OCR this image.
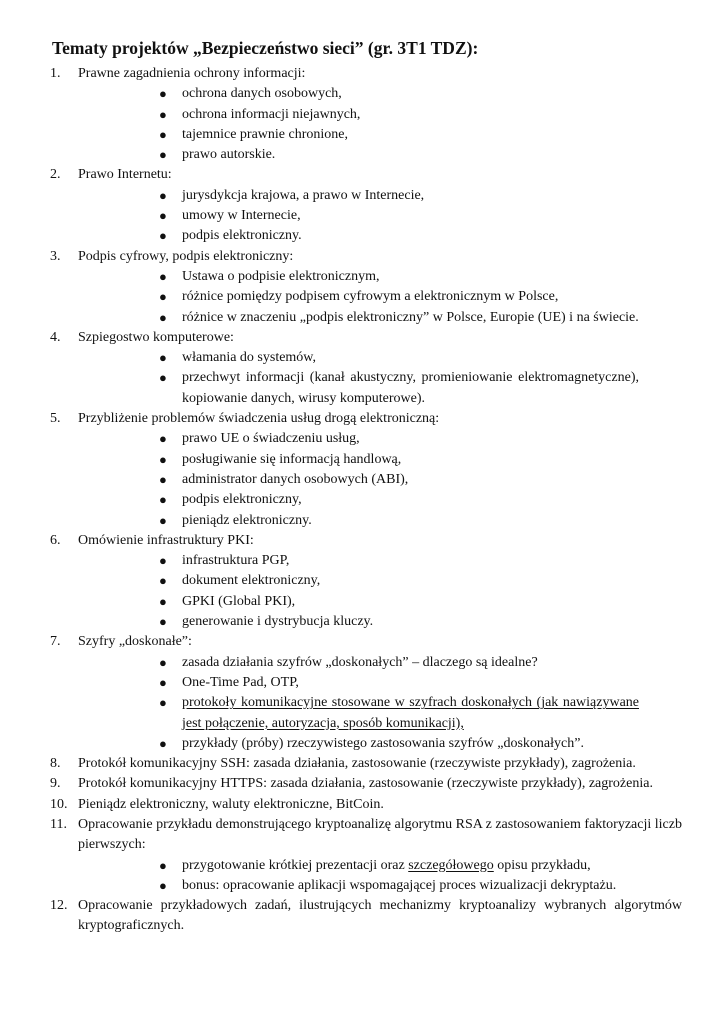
Tematy projektów „Bezpieczeństwo sieci” (gr. 3T1 TDZ):
1. Prawne zagadnienia ochrony informacji:
● ochrona danych osobowych,
● ochrona informacji niejawnych,
● tajemnice prawnie chronione,
● prawo autorskie.
2. Prawo Internetu:
● jurysdykcja krajowa, a prawo w Internecie,
● umowy w Internecie,
● podpis elektroniczny.
3. Podpis cyfrowy, podpis elektroniczny:
● Ustawa o podpisie elektronicznym,
● różnice pomiędzy podpisem cyfrowym a elektronicznym w Polsce,
● różnice w znaczeniu „podpis elektroniczny” w Polsce, Europie (UE) i na świecie.
4. Szpiegostwo komputerowe:
● włamania do systemów,
● przechwyt informacji (kanał akustyczny, promieniowanie elektromagnetyczne), kopiowanie danych, wirusy komputerowe).
5. Przybliżenie problemów świadczenia usług drogą elektroniczną:
● prawo UE o świadczeniu usług,
● posługiwanie się informacją handlową,
● administrator danych osobowych (ABI),
● podpis elektroniczny,
● pieniądz elektroniczny.
6. Omówienie infrastruktury PKI:
● infrastruktura PGP,
● dokument elektroniczny,
● GPKI (Global PKI),
● generowanie i dystrybucja kluczy.
7. Szyfry „doskonałe”:
● zasada działania szyfrów „doskonałych” – dlaczego są idealne?
● One-Time Pad, OTP,
● protokoły komunikacyjne stosowane w szyfrach doskonałych (jak nawiązywane jest połączenie, autoryzacja, sposób komunikacji),
● przykłady (próby) rzeczywistego zastosowania szyfrów „doskonałych”.
8. Protokół komunikacyjny SSH: zasada działania, zastosowanie (rzeczywiste przykłady), zagrożenia.
9. Protokół komunikacyjny HTTPS: zasada działania, zastosowanie (rzeczywiste przykłady), zagrożenia.
10. Pieniądz elektroniczny, waluty elektroniczne, BitCoin.
11. Opracowanie przykładu demonstrującego kryptoanalizę algorytmu RSA z zastosowaniem faktoryzacji liczb pierwszych:
● przygotowanie krótkiej prezentacji oraz szczegółowego opisu przykładu,
● bonus: opracowanie aplikacji wspomagającej proces wizualizacji dekryptażu.
12. Opracowanie przykładowych zadań, ilustrujących mechanizmy kryptoanalizy wybranych algorytmów kryptograficznych.
